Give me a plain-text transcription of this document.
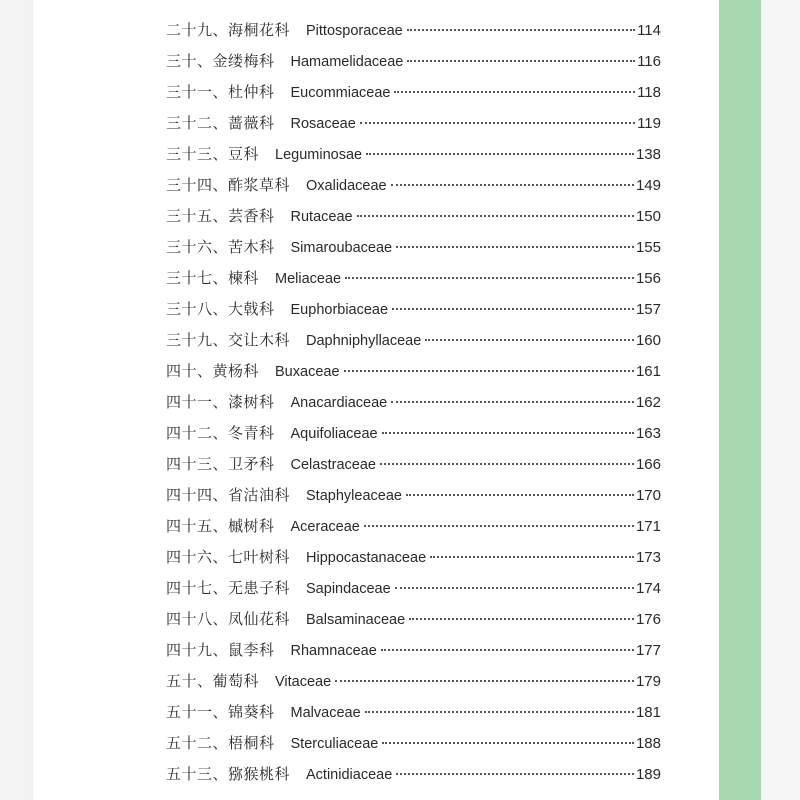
二十九、海桐花科 Pittosporaceae	114
三十、金缕梅科 Hamamelidaceae	116
三十一、杜仲科 Eucommiaceae	118
三十二、蔷薇科 Rosaceae	119
三十三、豆科 Leguminosae	138
三十四、酢浆草科 Oxalidaceae	149
三十五、芸香科 Rutaceae	150
三十六、苦木科 Simaroubaceae	155
三十七、楝科 Meliaceae	156
三十八、大戟科 Euphorbiaceae	157
三十九、交让木科 Daphniphyllaceae	160
四十、黄杨科 Buxaceae	161
四十一、漆树科 Anacardiaceae	162
四十二、冬青科 Aquifoliaceae	163
四十三、卫矛科 Celastraceae	166
四十四、省沽油科 Staphyleaceae	170
四十五、槭树科 Aceraceae	171
四十六、七叶树科 Hippocastanaceae	173
四十七、无患子科 Sapindaceae	174
四十八、凤仙花科 Balsaminaceae	176
四十九、鼠李科 Rhamnaceae	177
五十、葡萄科 Vitaceae	179
五十一、锦葵科 Malvaceae	181
五十二、梧桐科 Sterculiaceae	188
五十三、猕猴桃科 Actinidiaceae	189
